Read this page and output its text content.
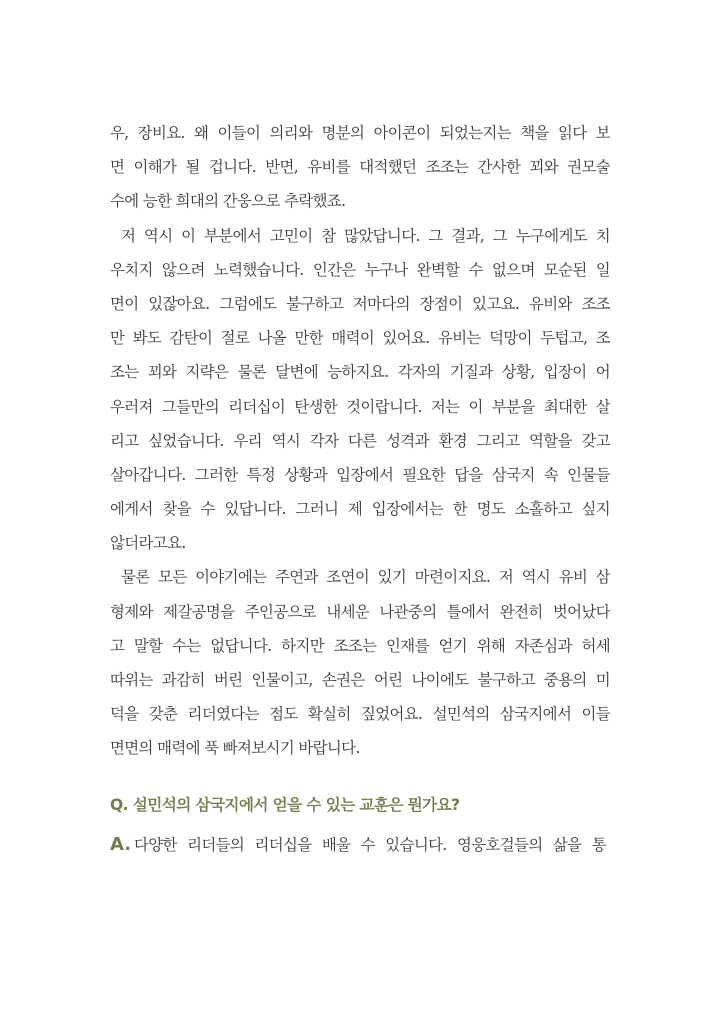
우, 장비요. 왜 이들이 의리와 명분의 아이콘이 되었는지는 책을 읽다 보
면 이해가 될 겁니다. 반면, 유비를 대적했던 조조는 간사한 꾀와 권모술
수에 능한 희대의 간웅으로 추락했죠.
저 역시 이 부분에서 고민이 참 많았답니다. 그 결과, 그 누구에게도 치
우치지 않으려 노력했습니다. 인간은 누구나 완벽할 수 없으며 모순된 일
면이 있잖아요. 그럼에도 불구하고 저마다의 장점이 있고요. 유비와 조조
만 봐도 감탄이 절로 나올 만한 매력이 있어요. 유비는 덕망이 두텁고, 조
조는 꾀와 지략은 물론 달변에 능하지요. 각자의 기질과 상황, 입장이 어
우러져 그들만의 리더십이 탄생한 것이랍니다. 저는 이 부분을 최대한 살
리고 싶었습니다. 우리 역시 각자 다른 성격과 환경 그리고 역할을 갖고
살아갑니다. 그러한 특정 상황과 입장에서 필요한 답을 삼국지 속 인물들
에게서 찾을 수 있답니다. 그러니 제 입장에서는 한 명도 소홀하고 싶지
않더라고요.
물론 모든 이야기에는 주연과 조연이 있기 마련이지요. 저 역시 유비 삼
형제와 제갈공명을 주인공으로 내세운 나관중의 틀에서 완전히 벗어났다
고 말할 수는 없답니다. 하지만 조조는 인재를 얻기 위해 자존심과 허세
따위는 과감히 버린 인물이고, 손권은 어린 나이에도 불구하고 중용의 미
덕을 갖춘 리더였다는 점도 확실히 짚었어요. 설민석의 삼국지에서 이들
면면의 매력에 푹 빠져보시기 바랍니다.
Q. 설민석의 삼국지에서 얻을 수 있는 교훈은 뭔가요?
A. 다양한 리더들의 리더십을 배울 수 있습니다. 영웅호걸들의 삶을 통
